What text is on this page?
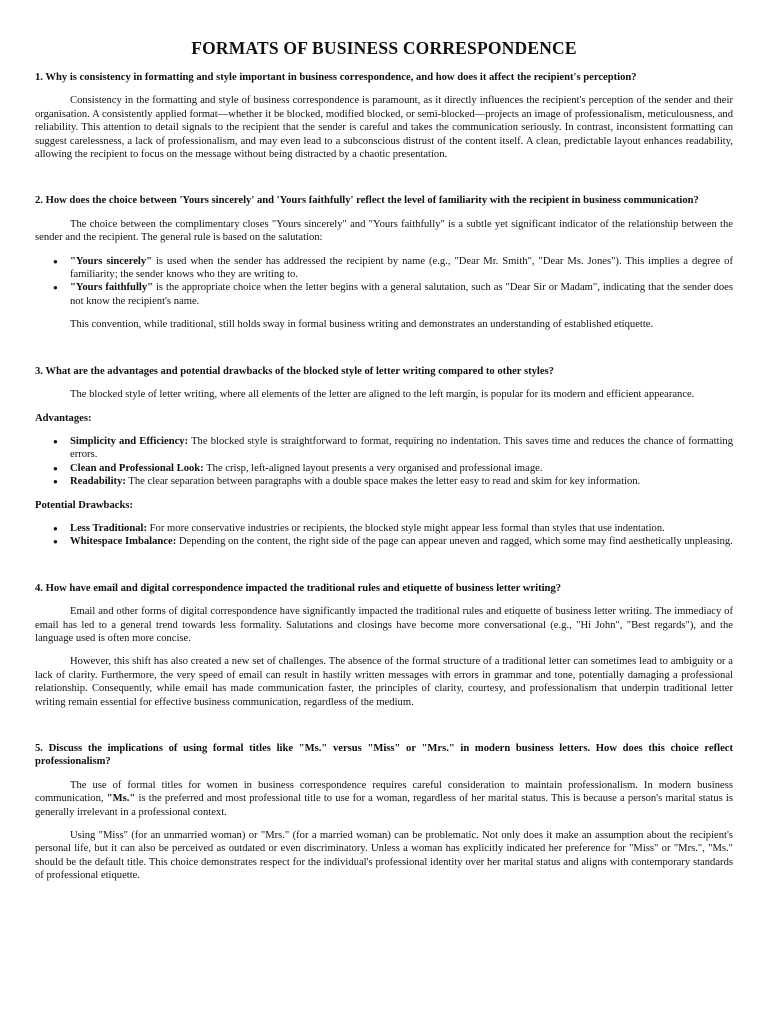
FORMATS OF BUSINESS CORRESPONDENCE

1. Why is consistency in formatting and style important in business correspondence, and how does it affect the recipient's perception?

Consistency in the formatting and style of business correspondence is paramount, as it directly influences the recipient's perception of the sender and their organisation. A consistently applied format—whether it be blocked, modified blocked, or semi-blocked—projects an image of professionalism, meticulousness, and reliability. This attention to detail signals to the recipient that the sender is careful and takes the communication seriously. In contrast, inconsistent formatting can suggest carelessness, a lack of professionalism, and may even lead to a subconscious distrust of the content itself. A clean, predictable layout enhances readability, allowing the recipient to focus on the message without being distracted by a chaotic presentation.

2. How does the choice between 'Yours sincerely' and 'Yours faithfully' reflect the level of familiarity with the recipient in business communication?

The choice between the complimentary closes "Yours sincerely" and "Yours faithfully" is a subtle yet significant indicator of the relationship between the sender and the recipient. The general rule is based on the salutation:

● "Yours sincerely" is used when the sender has addressed the recipient by name (e.g., "Dear Mr. Smith", "Dear Ms. Jones"). This implies a degree of familiarity; the sender knows who they are writing to.
● "Yours faithfully" is the appropriate choice when the letter begins with a general salutation, such as "Dear Sir or Madam", indicating that the sender does not know the recipient's name.

This convention, while traditional, still holds sway in formal business writing and demonstrates an understanding of established etiquette.

3. What are the advantages and potential drawbacks of the blocked style of letter writing compared to other styles?

The blocked style of letter writing, where all elements of the letter are aligned to the left margin, is popular for its modern and efficient appearance.

Advantages:

● Simplicity and Efficiency: The blocked style is straightforward to format, requiring no indentation. This saves time and reduces the chance of formatting errors.
● Clean and Professional Look: The crisp, left-aligned layout presents a very organised and professional image.
● Readability: The clear separation between paragraphs with a double space makes the letter easy to read and skim for key information.

Potential Drawbacks:

● Less Traditional: For more conservative industries or recipients, the blocked style might appear less formal than styles that use indentation.
● Whitespace Imbalance: Depending on the content, the right side of the page can appear uneven and ragged, which some may find aesthetically unpleasing.

4. How have email and digital correspondence impacted the traditional rules and etiquette of business letter writing?

Email and other forms of digital correspondence have significantly impacted the traditional rules and etiquette of business letter writing. The immediacy of email has led to a general trend towards less formality. Salutations and closings have become more conversational (e.g., "Hi John", "Best regards"), and the language used is often more concise.

However, this shift has also created a new set of challenges. The absence of the formal structure of a traditional letter can sometimes lead to ambiguity or a lack of clarity. Furthermore, the very speed of email can result in hastily written messages with errors in grammar and tone, potentially damaging a professional relationship. Consequently, while email has made communication faster, the principles of clarity, courtesy, and professionalism that underpin traditional letter writing remain essential for effective business communication, regardless of the medium.

5. Discuss the implications of using formal titles like "Ms." versus "Miss" or "Mrs." in modern business letters. How does this choice reflect professionalism?

The use of formal titles for women in business correspondence requires careful consideration to maintain professionalism. In modern business communication, "Ms." is the preferred and most professional title to use for a woman, regardless of her marital status. This is because a person's marital status is generally irrelevant in a professional context.

Using "Miss" (for an unmarried woman) or "Mrs." (for a married woman) can be problematic. Not only does it make an assumption about the recipient's personal life, but it can also be perceived as outdated or even discriminatory. Unless a woman has explicitly indicated her preference for "Miss" or "Mrs.", "Ms." should be the default title. This choice demonstrates respect for the individual's professional identity over her marital status and aligns with contemporary standards of professional etiquette.
